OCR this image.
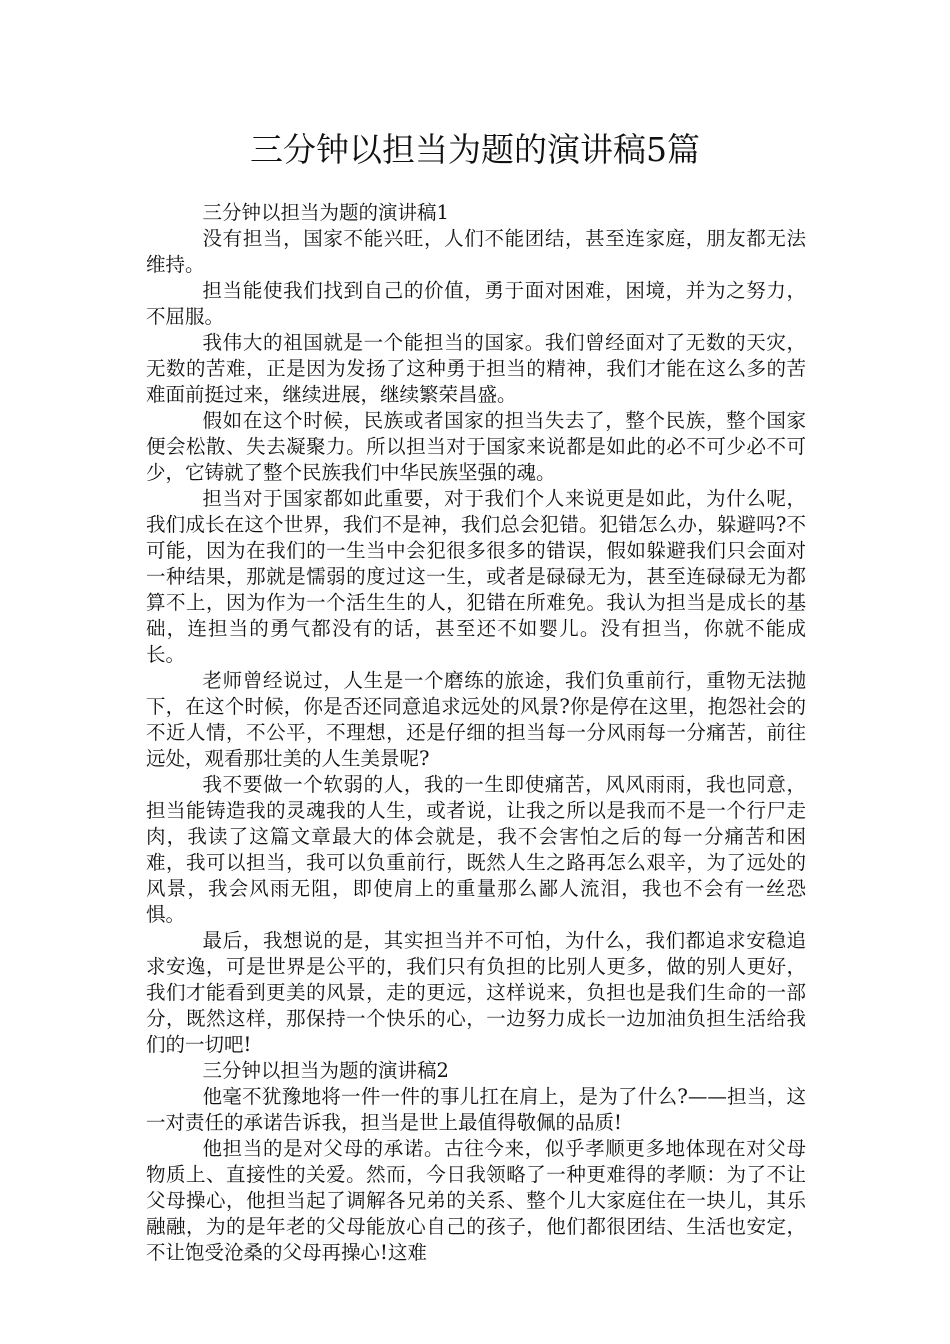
三分钟以担当为题的演讲稿5篇

三分钟以担当为题的演讲稿1

没有担当，国家不能兴旺，人们不能团结，甚至连家庭，朋友都无法维持。

担当能使我们找到自己的价值，勇于面对困难，困境，并为之努力，不屈服。

我伟大的祖国就是一个能担当的国家。我们曾经面对了无数的天灾，无数的苦难，正是因为发扬了这种勇于担当的精神，我们才能在这么多的苦难面前挺过来，继续进展，继续繁荣昌盛。

假如在这个时候，民族或者国家的担当失去了，整个民族，整个国家便会松散、失去凝聚力。所以担当对于国家来说都是如此的必不可少必不可少，它铸就了整个民族我们中华民族坚强的魂。

担当对于国家都如此重要，对于我们个人来说更是如此，为什么呢，我们成长在这个世界，我们不是神，我们总会犯错。犯错怎么办，躲避吗?不可能，因为在我们的一生当中会犯很多很多的错误，假如躲避我们只会面对一种结果，那就是懦弱的度过这一生，或者是碌碌无为，甚至连碌碌无为都算不上，因为作为一个活生生的人，犯错在所难免。我认为担当是成长的基础，连担当的勇气都没有的话，甚至还不如婴儿。没有担当，你就不能成长。

老师曾经说过，人生是一个磨练的旅途，我们负重前行，重物无法抛下，在这个时候，你是否还同意追求远处的风景?你是停在这里，抱怨社会的不近人情，不公平，不理想，还是仔细的担当每一分风雨每一分痛苦，前往远处，观看那壮美的人生美景呢?

我不要做一个软弱的人，我的一生即使痛苦，风风雨雨，我也同意，担当能铸造我的灵魂我的人生，或者说，让我之所以是我而不是一个行尸走肉，我读了这篇文章最大的体会就是，我不会害怕之后的每一分痛苦和困难，我可以担当，我可以负重前行，既然人生之路再怎么艰辛，为了远处的风景，我会风雨无阻，即使肩上的重量那么鄙人流泪，我也不会有一丝恐惧。

最后，我想说的是，其实担当并不可怕，为什么，我们都追求安稳追求安逸，可是世界是公平的，我们只有负担的比别人更多，做的别人更好，我们才能看到更美的风景，走的更远，这样说来，负担也是我们生命的一部分，既然这样，那保持一个快乐的心，一边努力成长一边加油负担生活给我们的一切吧!

三分钟以担当为题的演讲稿2

他毫不犹豫地将一件一件的事儿扛在肩上，是为了什么?——担当，这一对责任的承诺告诉我，担当是世上最值得敬佩的品质!

他担当的是对父母的承诺。古往今来，似乎孝顺更多地体现在对父母物质上、直接性的关爱。然而，今日我领略了一种更难得的孝顺：为了不让父母操心，他担当起了调解各兄弟的关系、整个儿大家庭住在一块儿，其乐融融，为的是年老的父母能放心自己的孩子，他们都很团结、生活也安定，不让饱受沧桑的父母再操心!这难
